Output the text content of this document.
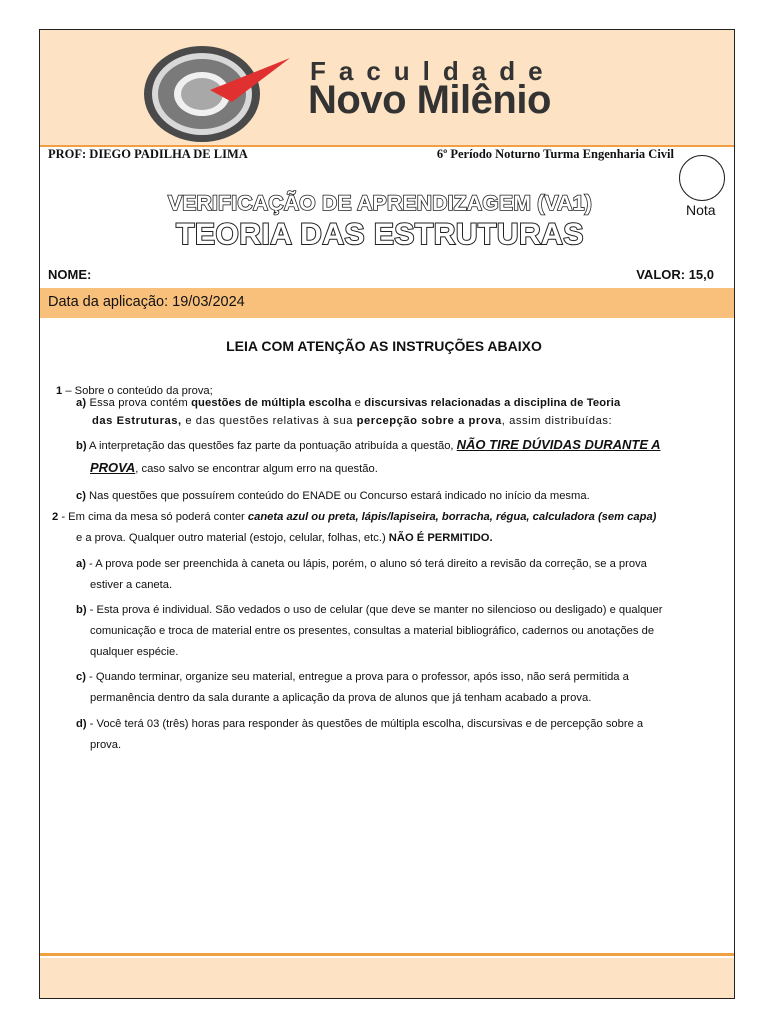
Faculdade
Novo Milênio
PROF: DIEGO PADILHA DE LIMA	6º Período Noturno Turma Engenharia Civil
Nota
VERIFICAÇÃO DE APRENDIZAGEM (VA1)
TEORIA DAS ESTRUTURAS
NOME:	VALOR: 15,0
Data da aplicação: 19/03/2024
LEIA COM ATENÇÃO AS INSTRUÇÕES ABAIXO
1 – Sobre o conteúdo da prova;
a) Essa prova contém questões de múltipla escolha e discursivas relacionadas a disciplina de Teoria
das Estruturas, e das questões relativas à sua percepção sobre a prova, assim distribuídas:
b) A interpretação das questões faz parte da pontuação atribuída a questão, NÃO TIRE DÚVIDAS DURANTE A
PROVA, caso salvo se encontrar algum erro na questão.
c) Nas questões que possuírem conteúdo do ENADE ou Concurso estará indicado no início da mesma.
2 - Em cima da mesa só poderá conter caneta azul ou preta, lápis/lapiseira, borracha, régua, calculadora (sem capa)
e a prova. Qualquer outro material (estojo, celular, folhas, etc.) NÃO É PERMITIDO.
a) - A prova pode ser preenchida à caneta ou lápis, porém, o aluno só terá direito a revisão da correção, se a prova
estiver a caneta.
b) - Esta prova é individual. São vedados o uso de celular (que deve se manter no silencioso ou desligado) e qualquer
comunicação e troca de material entre os presentes, consultas a material bibliográfico, cadernos ou anotações de
qualquer espécie.
c) - Quando terminar, organize seu material, entregue a prova para o professor, após isso, não será permitida a
permanência dentro da sala durante a aplicação da prova de alunos que já tenham acabado a prova.
d) - Você terá 03 (três) horas para responder às questões de múltipla escolha, discursivas e de percepção sobre a
prova.
